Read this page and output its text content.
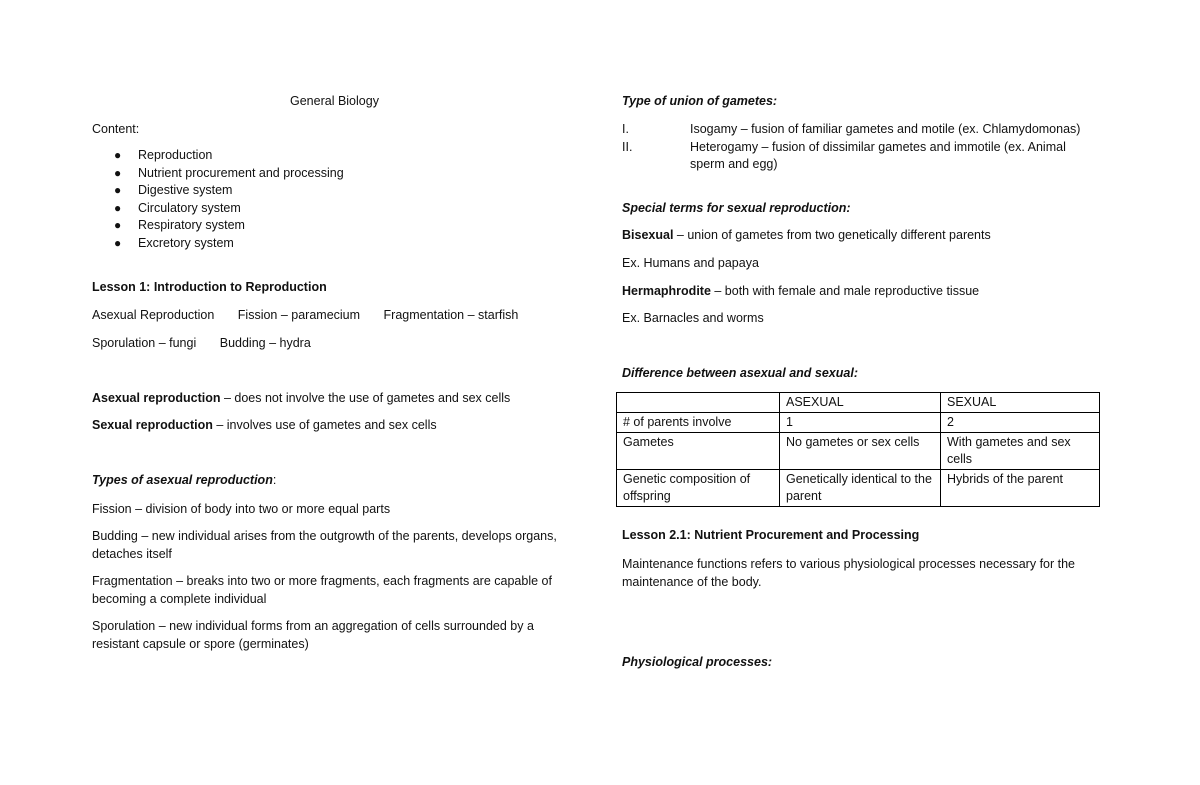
General Biology
Content:
● Reproduction
● Nutrient procurement and processing
● Digestive system
● Circulatory system
● Respiratory system
● Excretory system
Lesson 1: Introduction to Reproduction
Asexual Reproduction Fission – paramecium Fragmentation – starfish
Sporulation – fungi Budding – hydra
Asexual reproduction – does not involve the use of gametes and sex cells
Sexual reproduction – involves use of gametes and sex cells
Types of asexual reproduction:
Fission – division of body into two or more equal parts
Budding – new individual arises from the outgrowth of the parents, develops organs, detaches itself
Fragmentation – breaks into two or more fragments, each fragments are capable of becoming a complete individual
Sporulation – new individual forms from an aggregation of cells surrounded by a resistant capsule or spore (germinates)
Type of union of gametes:
I.	Isogamy – fusion of familiar gametes and motile (ex. Chlamydomonas)
II.	Heterogamy – fusion of dissimilar gametes and immotile (ex. Animal sperm and egg)
Special terms for sexual reproduction:
Bisexual – union of gametes from two genetically different parents
Ex. Humans and papaya
Hermaphrodite – both with female and male reproductive tissue
Ex. Barnacles and worms
Difference between asexual and sexual:
	ASEXUAL	SEXUAL
# of parents involve	1	2
Gametes	No gametes or sex cells	With gametes and sex cells
Genetic composition of offspring	Genetically identical to the parent	Hybrids of the parent
Lesson 2.1: Nutrient Procurement and Processing
Maintenance functions refers to various physiological processes necessary for the maintenance of the body.
Physiological processes:
